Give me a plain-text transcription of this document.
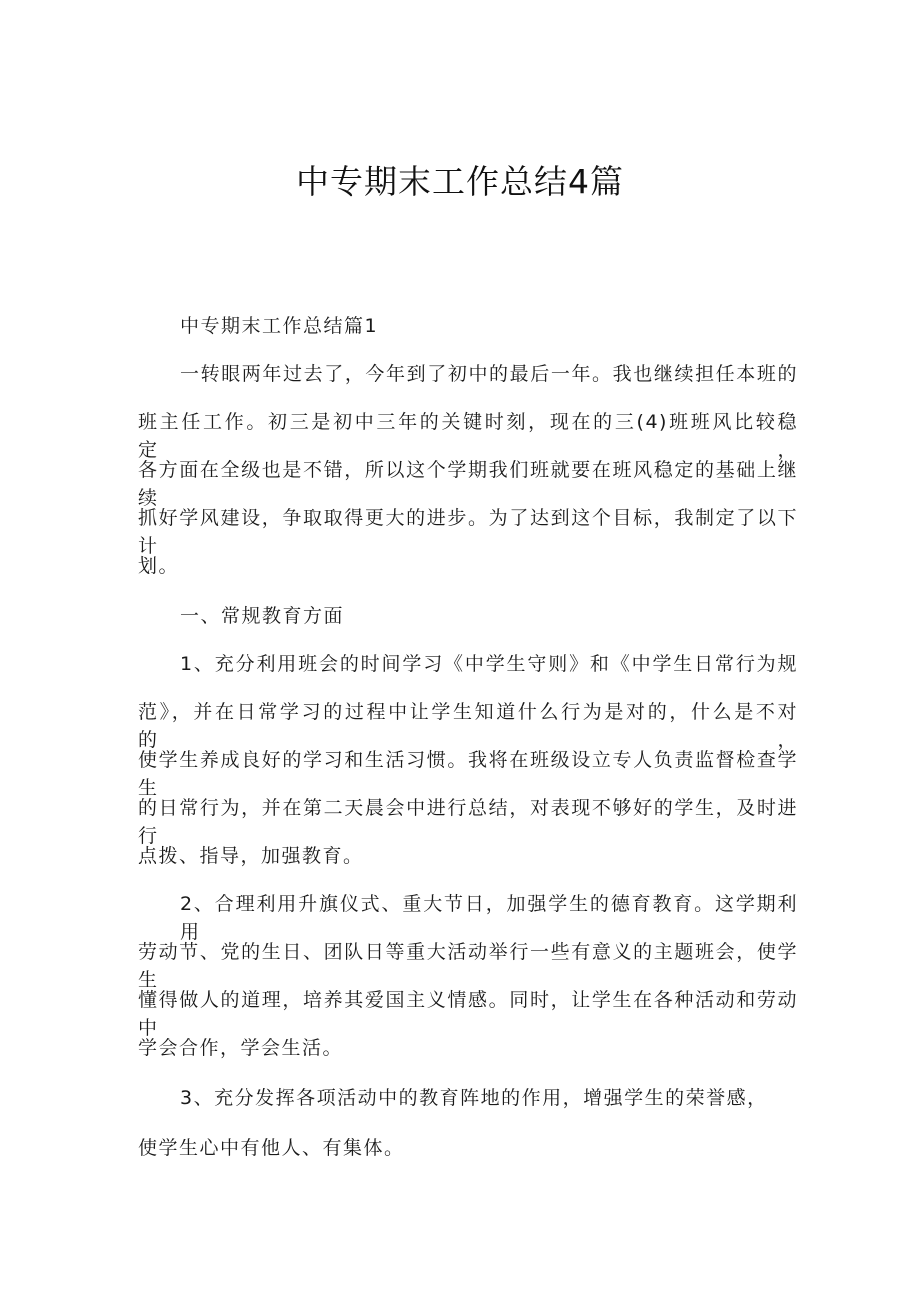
中专期末工作总结4篇

中专期末工作总结篇1

一转眼两年过去了，今年到了初中的最后一年。我也继续担任本班的

班主任工作。初三是初中三年的关键时刻，现在的三(4)班班风比较稳定，

各方面在全级也是不错，所以这个学期我们班就要在班风稳定的基础上继续

抓好学风建设，争取取得更大的进步。为了达到这个目标，我制定了以下计

划。

一、常规教育方面

1、充分利用班会的时间学习《中学生守则》和《中学生日常行为规

范》，并在日常学习的过程中让学生知道什么行为是对的，什么是不对的，

使学生养成良好的学习和生活习惯。我将在班级设立专人负责监督检查学生

的日常行为，并在第二天晨会中进行总结，对表现不够好的学生，及时进行

点拨、指导，加强教育。

2、合理利用升旗仪式、重大节日，加强学生的德育教育。这学期利用

劳动节、党的生日、团队日等重大活动举行一些有意义的主题班会，使学生

懂得做人的道理，培养其爱国主义情感。同时，让学生在各种活动和劳动中

学会合作，学会生活。

3、充分发挥各项活动中的教育阵地的作用，增强学生的荣誉感，

使学生心中有他人、有集体。
